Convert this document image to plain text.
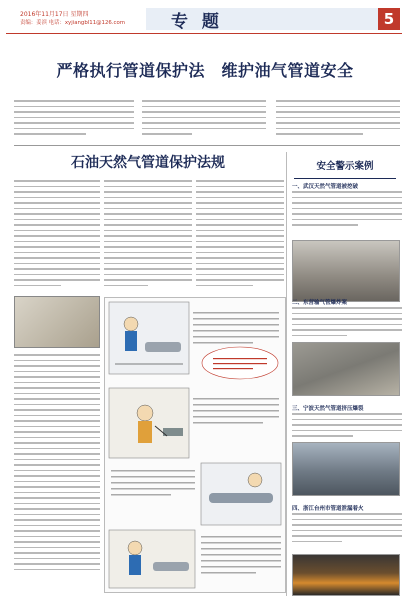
2016年11月17日 星期四
责编：姜滨 电话：xyjiangbl11@126.com	专 题	5
严格执行管道保护法　维护油气管道安全
石油天然气管道保护法规	安全警示案例
一、武汉天然气管道被挖破
二、东营输气管爆炸案
三、宁波天然气管道挤压爆裂
四、浙江台州市管道泄漏着火
